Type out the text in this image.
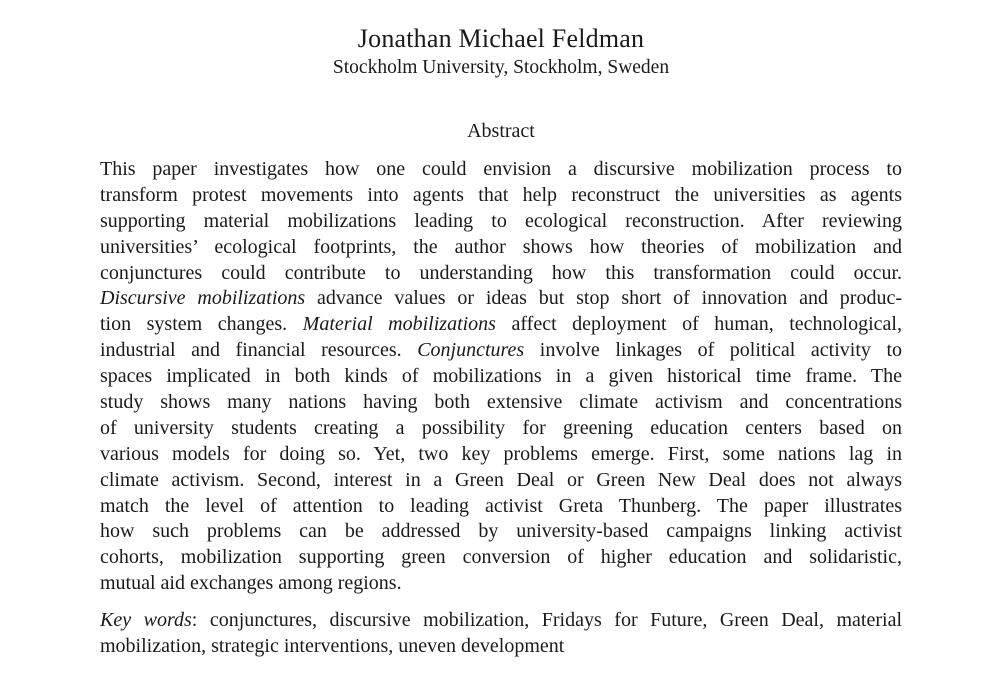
Jonathan Michael Feldman
Stockholm University, Stockholm, Sweden
Abstract
This paper investigates how one could envision a discursive mobilization process to
transform protest movements into agents that help reconstruct the universities as agents
supporting material mobilizations leading to ecological reconstruction. After reviewing
universities’ ecological footprints, the author shows how theories of mobilization and
conjunctures could contribute to understanding how this transformation could occur.
Discursive mobilizations advance values or ideas but stop short of innovation and produc-
tion system changes. Material mobilizations affect deployment of human, technological,
industrial and financial resources. Conjunctures involve linkages of political activity to
spaces implicated in both kinds of mobilizations in a given historical time frame. The
study shows many nations having both extensive climate activism and concentrations
of university students creating a possibility for greening education centers based on
various models for doing so. Yet, two key problems emerge. First, some nations lag in
climate activism. Second, interest in a Green Deal or Green New Deal does not always
match the level of attention to leading activist Greta Thunberg. The paper illustrates
how such problems can be addressed by university-based campaigns linking activist
cohorts, mobilization supporting green conversion of higher education and solidaristic,
mutual aid exchanges among regions.
Key words: conjunctures, discursive mobilization, Fridays for Future, Green Deal, material
mobilization, strategic interventions, uneven development
